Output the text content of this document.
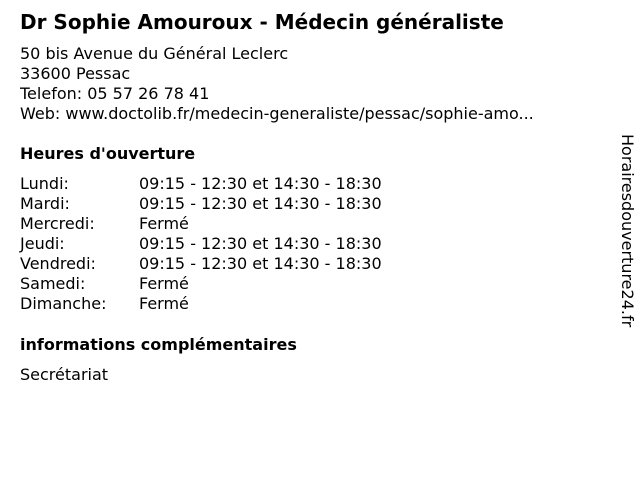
Dr Sophie Amouroux - Médecin généraliste
50 bis Avenue du Général Leclerc
33600 Pessac
Telefon: 05 57 26 78 41
Web: www.doctolib.fr/medecin-generaliste/pessac/sophie-amo...
Heures d'ouverture
Lundi:	09:15 - 12:30 et 14:30 - 18:30
Mardi:	09:15 - 12:30 et 14:30 - 18:30
Mercredi:	Fermé
Jeudi:	09:15 - 12:30 et 14:30 - 18:30
Vendredi:	09:15 - 12:30 et 14:30 - 18:30
Samedi:	Fermé
Dimanche:	Fermé
informations complémentaires
Secrétariat
Horairesdouverture24.fr
